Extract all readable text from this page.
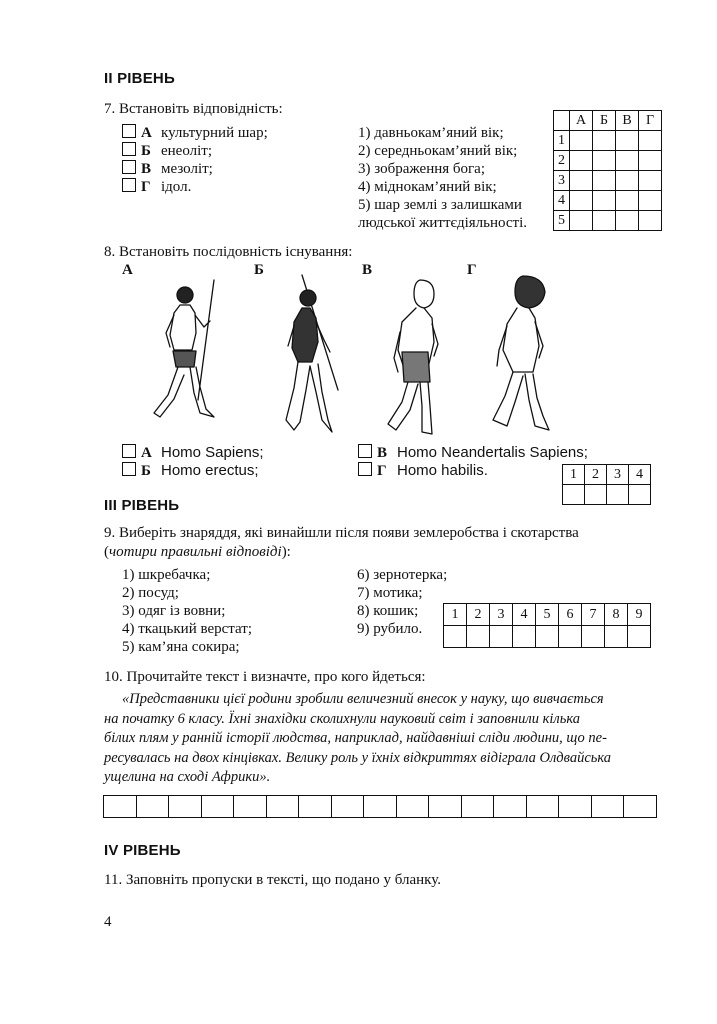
II РІВЕНЬ
7. Встановіть відповідність:
А культурний шар;
Б енеоліт;
В мезоліт;
Г ідол.
1) давньокам’яний вік;
2) середньокам’яний вік;
3) зображення бога;
4) міднокам’яний вік;
5) шар землі з залишками
людської життєдіяльності.
	А	Б	В	Г
1				
2				
3				
4				
5				
8. Встановіть послідовність існування:
А	Б	В	Г
А Homo Sapiens;
Б Homo erectus;
В Homo Neandertalis Sapiens;
Г Homo habilis.	1	2	3	4

ІІІ РІВЕНЬ
9. Виберіть знаряддя, які винайшли після появи землеробства і скотарства
(чотири правильні відповіді):
1) шкребачка;
2) посуд;
3) одяг із вовни;
4) ткацький верстат;
5) кам’яна сокира;
6) зернотерка;
7) мотика;
8) кошик;
9) рубило.
1	2	3	4	5	6	7	8	9

10. Прочитайте текст і визначте, про кого йдеться:
«Представники цієї родини зробили величезний внесок у науку, що вивчається
на початку 6 класу. Їхні знахідки сколихнули науковий світ і заповнили кілька
білих плям у ранній історії людства, наприклад, найдавніші сліди людини, що пе-
ресувалась на двох кінцівках. Велику роль у їхніх відкриттях відіграла Олдвайська
ущелина на сході Африки».

IV РІВЕНЬ
11. Заповніть пропуски в тексті, що подано у бланку.
4
